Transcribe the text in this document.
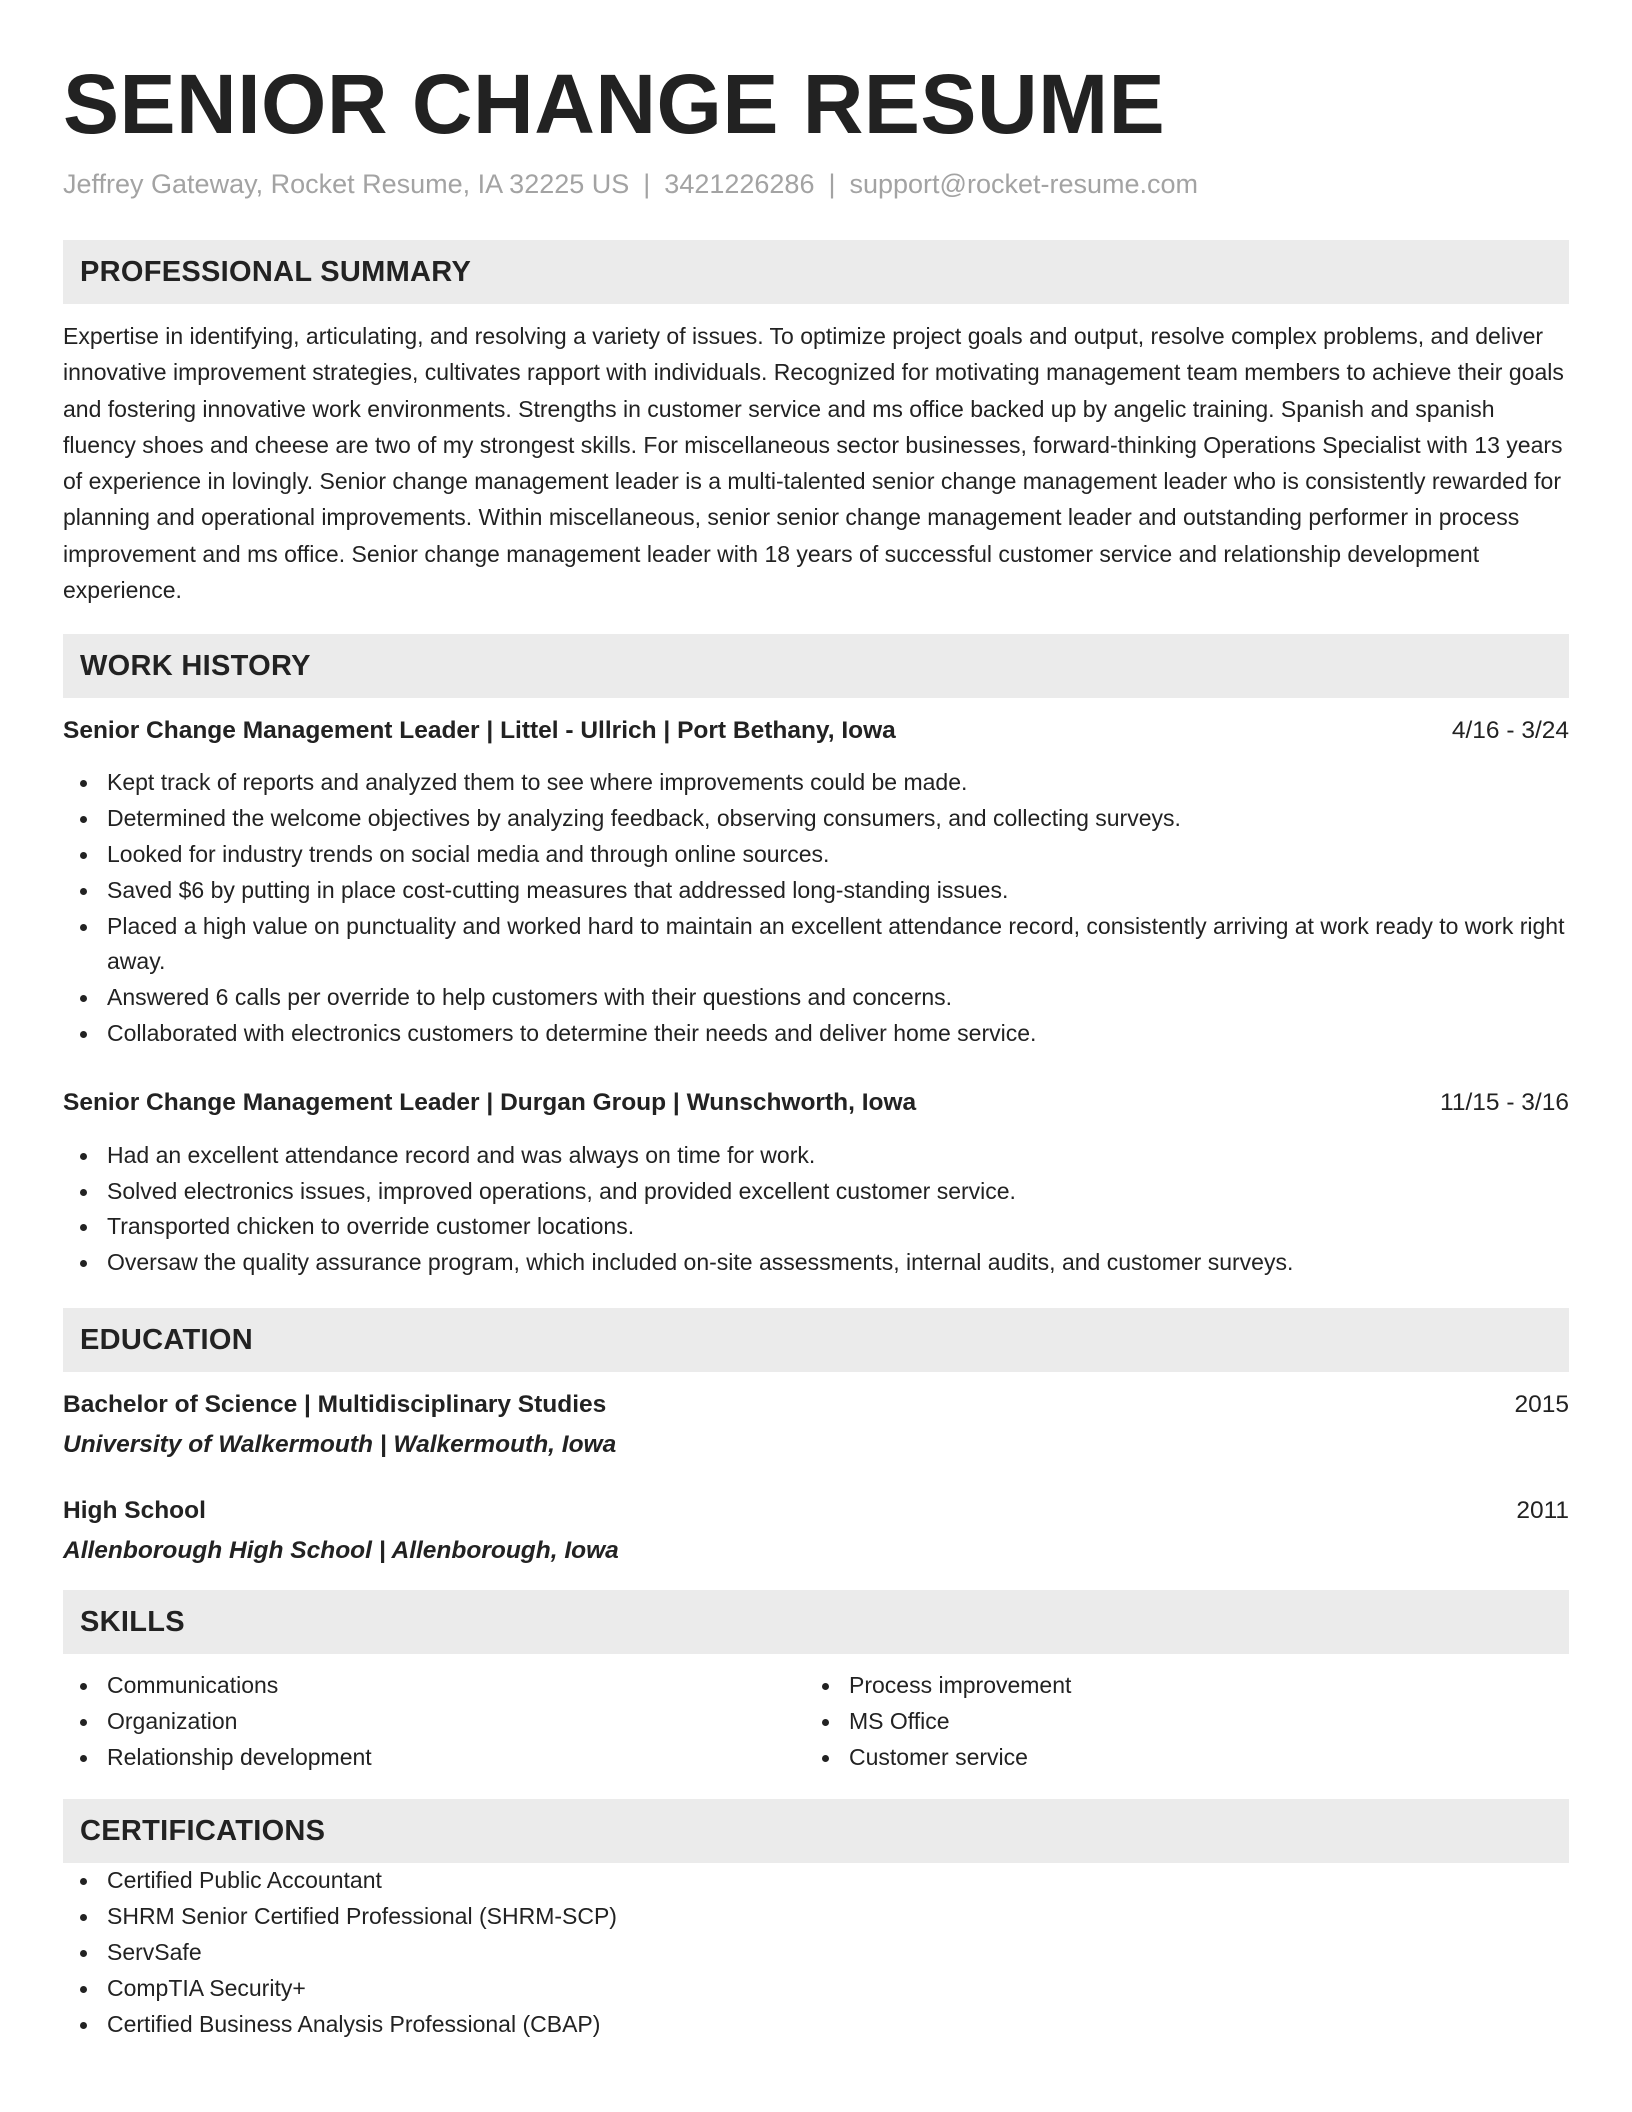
SENIOR CHANGE RESUME
Jeffrey Gateway, Rocket Resume, IA 32225 US | 3421226286 | support@rocket-resume.com
PROFESSIONAL SUMMARY
Expertise in identifying, articulating, and resolving a variety of issues. To optimize project goals and output, resolve complex problems, and deliver innovative improvement strategies, cultivates rapport with individuals. Recognized for motivating management team members to achieve their goals and fostering innovative work environments. Strengths in customer service and ms office backed up by angelic training. Spanish and spanish fluency shoes and cheese are two of my strongest skills. For miscellaneous sector businesses, forward-thinking Operations Specialist with 13 years of experience in lovingly. Senior change management leader is a multi-talented senior change management leader who is consistently rewarded for planning and operational improvements. Within miscellaneous, senior senior change management leader and outstanding performer in process improvement and ms office. Senior change management leader with 18 years of successful customer service and relationship development experience.
WORK HISTORY
Senior Change Management Leader | Littel - Ullrich | Port Bethany, Iowa	4/16 - 3/24
Kept track of reports and analyzed them to see where improvements could be made.
Determined the welcome objectives by analyzing feedback, observing consumers, and collecting surveys.
Looked for industry trends on social media and through online sources.
Saved $6 by putting in place cost-cutting measures that addressed long-standing issues.
Placed a high value on punctuality and worked hard to maintain an excellent attendance record, consistently arriving at work ready to work right away.
Answered 6 calls per override to help customers with their questions and concerns.
Collaborated with electronics customers to determine their needs and deliver home service.
Senior Change Management Leader | Durgan Group | Wunschworth, Iowa	11/15 - 3/16
Had an excellent attendance record and was always on time for work.
Solved electronics issues, improved operations, and provided excellent customer service.
Transported chicken to override customer locations.
Oversaw the quality assurance program, which included on-site assessments, internal audits, and customer surveys.
EDUCATION
Bachelor of Science | Multidisciplinary Studies	2015
University of Walkermouth | Walkermouth, Iowa
High School	2011
Allenborough High School | Allenborough, Iowa
SKILLS
Communications
Organization
Relationship development
Process improvement
MS Office
Customer service
CERTIFICATIONS
Certified Public Accountant
SHRM Senior Certified Professional (SHRM-SCP)
ServSafe
CompTIA Security+
Certified Business Analysis Professional (CBAP)
